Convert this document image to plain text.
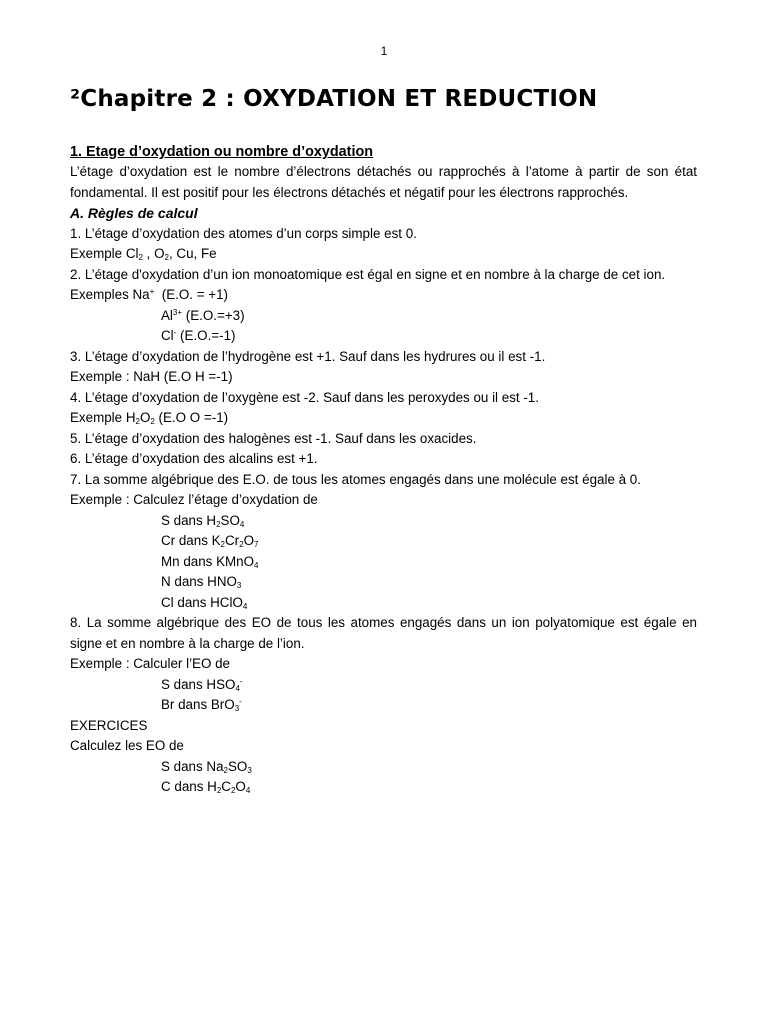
1
²Chapitre 2 : OXYDATION ET REDUCTION

1. Etage d’oxydation ou nombre d’oxydation

L’étage d’oxydation est le nombre d’électrons détachés ou rapprochés à l’atome à partir de son état fondamental. Il est positif pour les électrons détachés et négatif pour les électrons rapprochés.

A. Règles de calcul

1. L’étage d’oxydation des atomes d’un corps simple est 0.

Exemple $Cl_2$ , $O_2$, Cu, Fe

2. L’étage d'oxydation d’un ion monoatomique est égal en signe et en nombre à la charge de cet ion.

Exemples Na+  (E.O. = +1)

$Al^{3+}$ (E.O.=+3)

Cl- (E.O.=-1)

3. L’étage d’oxydation de l’hydrogène est +1. Sauf dans les hydrures ou il est -1.

Exemple : NaH (E.O H =-1)

4. L’étage d’oxydation de l’oxygène est -2. Sauf dans les peroxydes ou il est -1.

Exemple $H_2O_2$ (E.O O =-1)

5. L’étage d’oxydation des halogènes est -1. Sauf dans les oxacides.

6. L’étage d’oxydation des alcalins est +1.

7. La somme algébrique des E.O. de tous les atomes engagés dans une molécule est égale à 0.

Exemple : Calculez l’étage d’oxydation de

S dans $H_2SO_4$

Cr dans $K_2Cr_2O_7$

Mn dans KMnO$_4$

N dans $HNO_3$

Cl dans HClO$_4$

8. La somme algébrique des EO de tous les atomes engagés dans un ion polyatomique est égale en signe et en nombre à la charge de l’ion.

Exemple : Calculer l’EO de

S dans $HSO_4^-$

Br dans BrO$_3$-

EXERCICES

Calculez les EO de

S dans $Na_2SO_3$

C dans $H_2C_2O_4$
